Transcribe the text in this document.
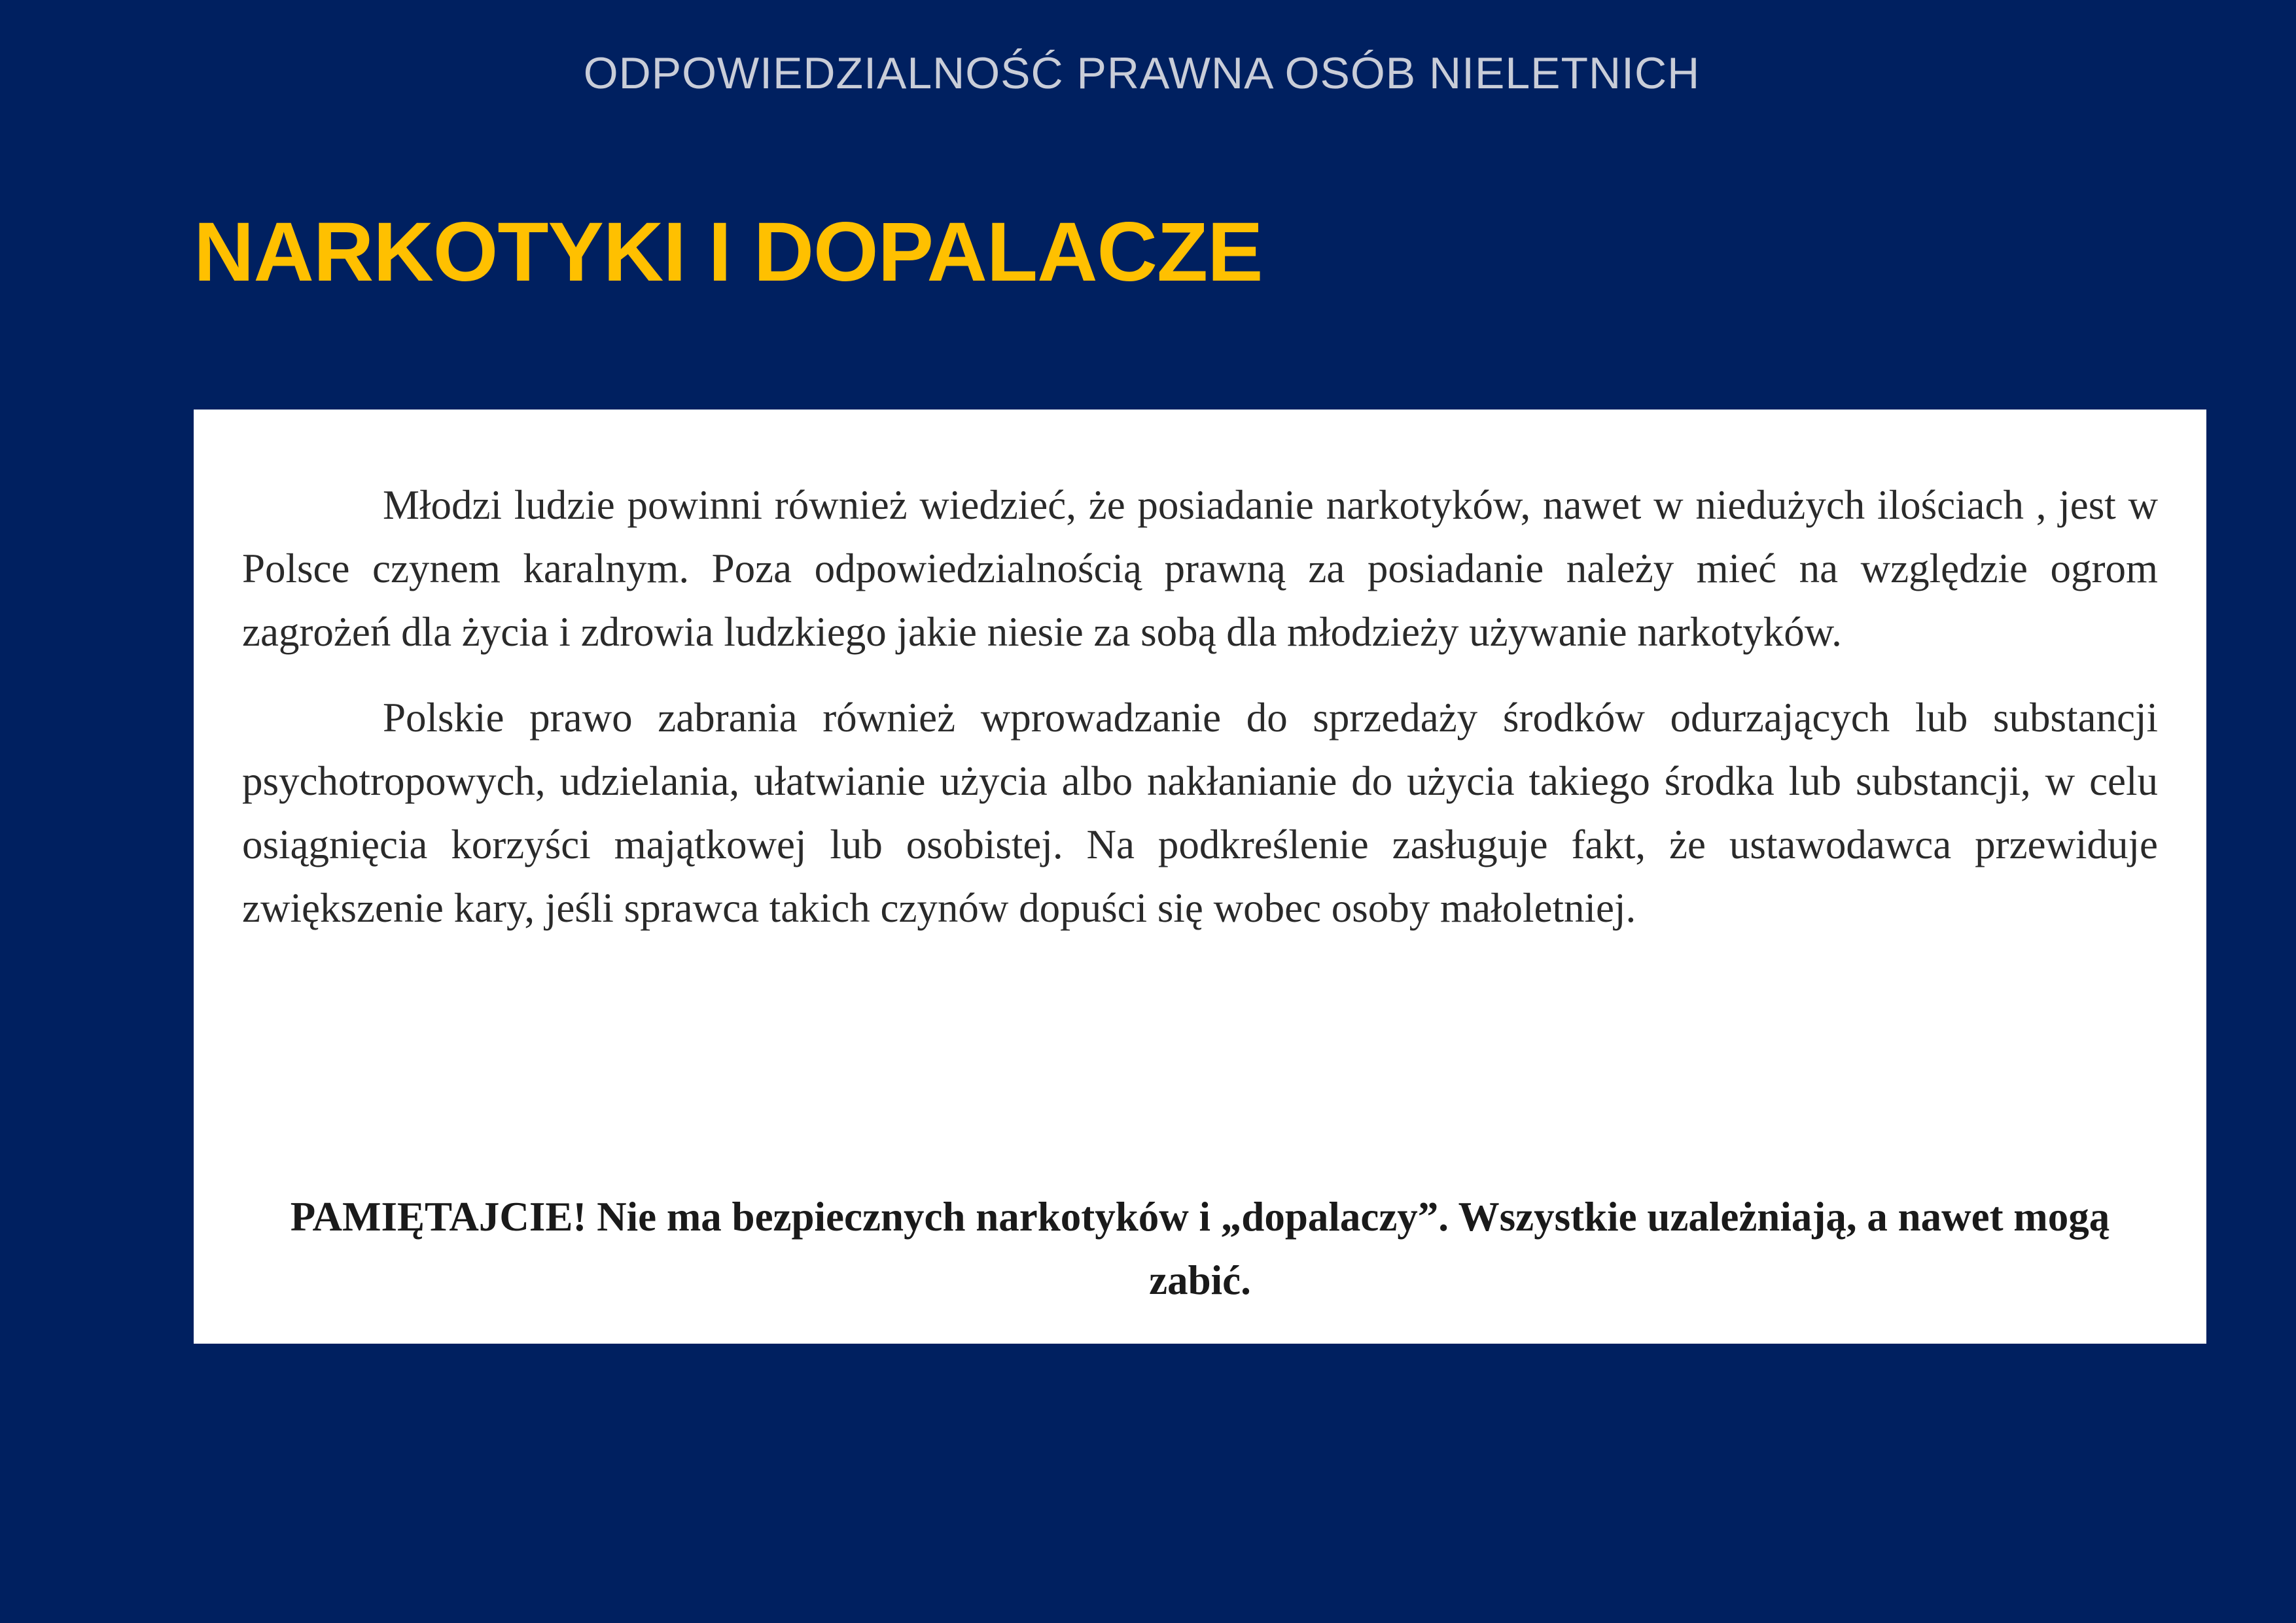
ODPOWIEDZIALNOŚĆ PRAWNA OSÓB NIELETNICH
NARKOTYKI I DOPALACZE

Młodzi ludzie powinni również wiedzieć, że posiadanie narkotyków, nawet w niedużych ilościach , jest w Polsce czynem karalnym. Poza odpowiedzialnością prawną za posiadanie należy mieć na względzie ogrom zagrożeń dla życia i zdrowia ludzkiego jakie niesie za sobą dla młodzieży używanie narkotyków.

Polskie prawo zabrania również wprowadzanie do sprzedaży środków odurzających lub substancji psychotropowych, udzielania, ułatwianie użycia albo nakłanianie do użycia takiego środka lub substancji, w celu osiągnięcia korzyści majątkowej lub osobistej. Na podkreślenie zasługuje fakt, że ustawodawca przewiduje zwiększenie kary, jeśli sprawca takich czynów dopuści się wobec osoby małoletniej.

PAMIĘTAJCIE! Nie ma bezpiecznych narkotyków i „dopalaczy”. Wszystkie uzależniają, a nawet mogą zabić.
